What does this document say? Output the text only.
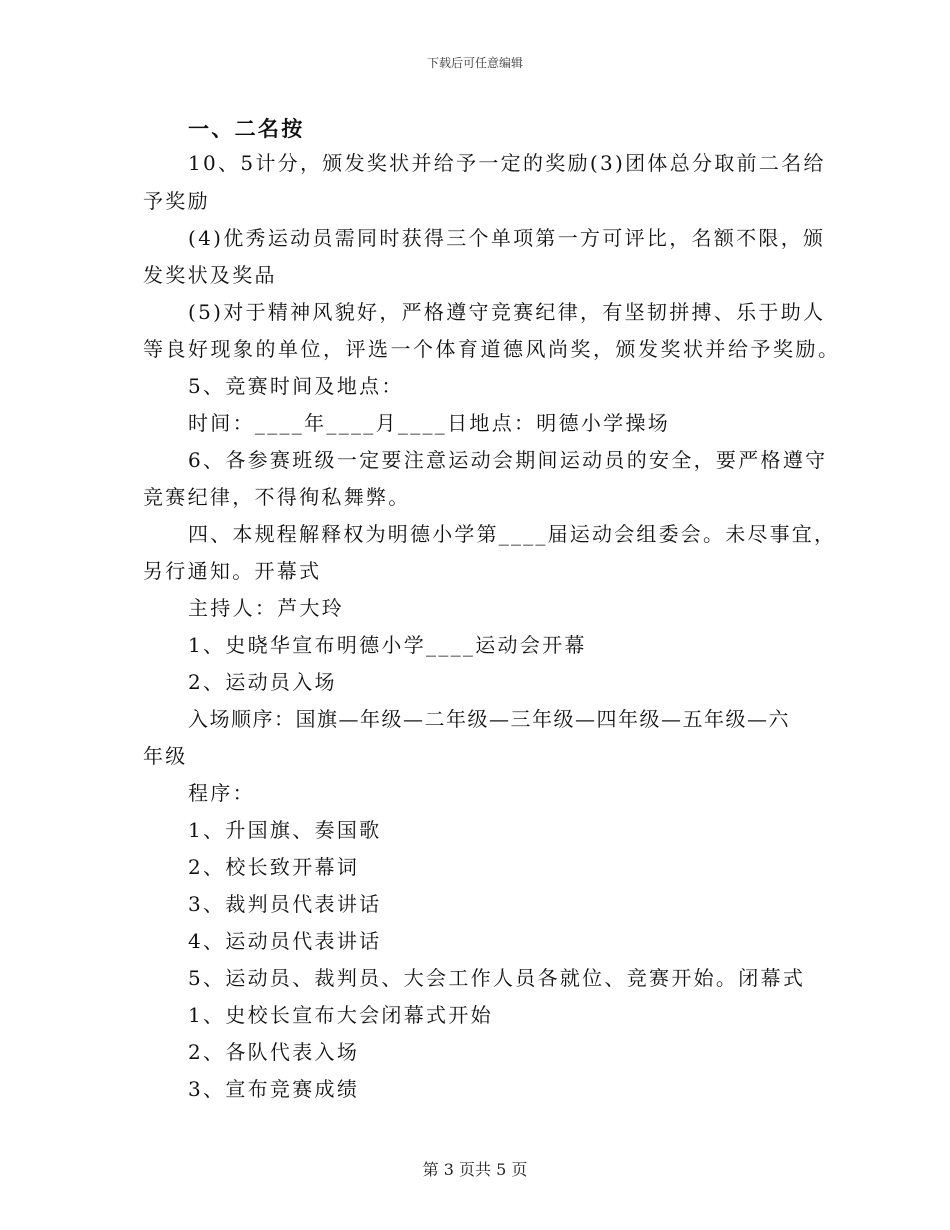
下载后可任意编辑
一、二名按
10、5计分，颁发奖状并给予一定的奖励(3)团体总分取前二名给
予奖励
(4)优秀运动员需同时获得三个单项第一方可评比，名额不限，颁
发奖状及奖品
(5)对于精神风貌好，严格遵守竞赛纪律，有坚韧拼搏、乐于助人
等良好现象的单位，评选一个体育道德风尚奖，颁发奖状并给予奖励。
5、竞赛时间及地点：
时间：____年____月____日地点：明德小学操场
6、各参赛班级一定要注意运动会期间运动员的安全，要严格遵守
竞赛纪律，不得徇私舞弊。
四、本规程解释权为明德小学第____届运动会组委会。未尽事宜，
另行通知。开幕式
主持人：芦大玲
1、史晓华宣布明德小学____运动会开幕
2、运动员入场
入场顺序：国旗—年级—二年级—三年级—四年级—五年级—六
年级
程序：
1、升国旗、奏国歌
2、校长致开幕词
3、裁判员代表讲话
4、运动员代表讲话
5、运动员、裁判员、大会工作人员各就位、竞赛开始。闭幕式
1、史校长宣布大会闭幕式开始
2、各队代表入场
3、宣布竞赛成绩
第 3 页共 5 页
